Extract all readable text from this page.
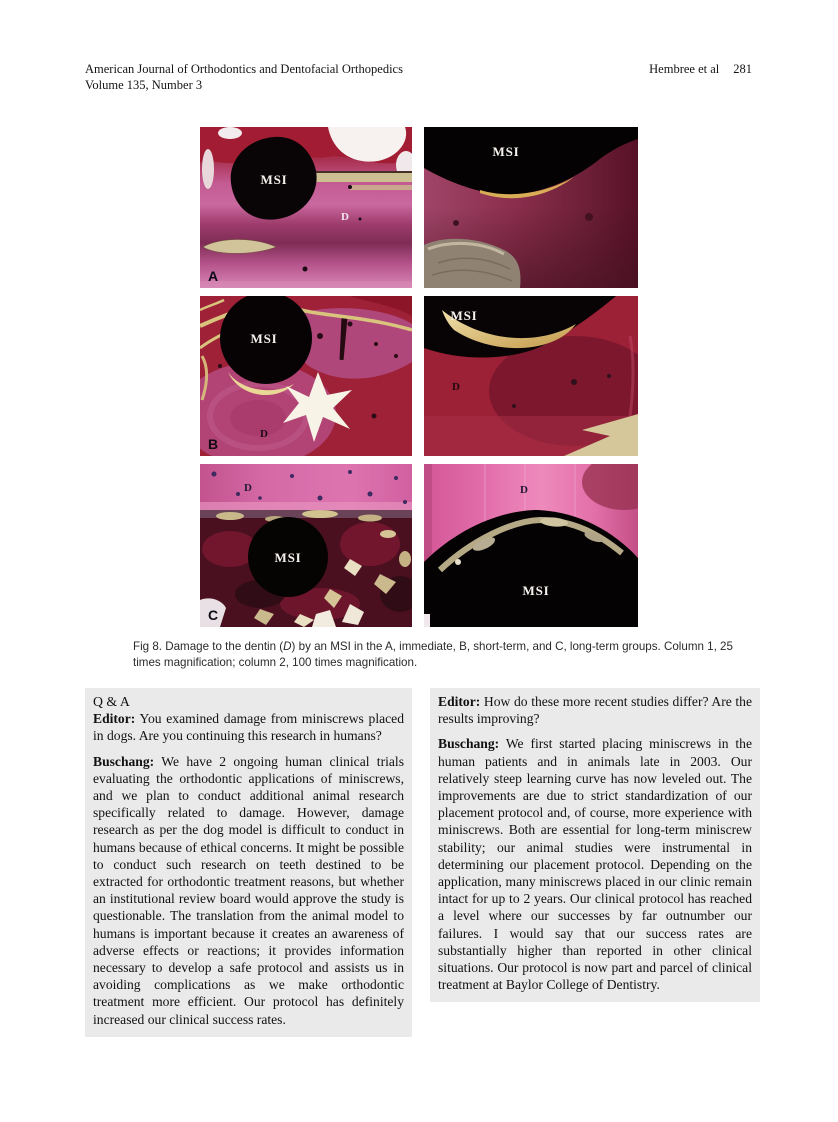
American Journal of Orthodontics and Dentofacial Orthopedics
Volume 135, Number 3
Hembree et al 281
MSI
D
A
MSI
MSI
D
B
MSI
D
D
MSI
C
D
MSI
Fig 8. Damage to the dentin (D) by an MSI in the A, immediate, B, short-term, and C, long-term groups. Column 1, 25 times magnification; column 2, 100 times magnification.
Q & A

Editor: You examined damage from miniscrews placed in dogs. Are you continuing this research in humans?

Buschang: We have 2 ongoing human clinical trials evaluating the orthodontic applications of miniscrews, and we plan to conduct additional animal research specifically related to damage. However, damage research as per the dog model is difficult to conduct in humans because of ethical concerns. It might be possible to conduct such research on teeth destined to be extracted for orthodontic treatment reasons, but whether an institutional review board would approve the study is questionable. The translation from the animal model to humans is important because it creates an awareness of adverse effects or reactions; it provides information necessary to develop a safe protocol and assists us in avoiding complications as we make orthodontic treatment more efficient. Our protocol has definitely increased our clinical success rates.

Editor: How do these more recent studies differ? Are the results improving?

Buschang: We first started placing miniscrews in the human patients and in animals late in 2003. Our relatively steep learning curve has now leveled out. The improvements are due to strict standardization of our placement protocol and, of course, more experience with miniscrews. Both are essential for long-term miniscrew stability; our animal studies were instrumental in determining our placement protocol. Depending on the application, many miniscrews placed in our clinic remain intact for up to 2 years. Our clinical protocol has reached a level where our successes by far outnumber our failures. I would say that our success rates are substantially higher than reported in other clinical situations. Our protocol is now part and parcel of clinical treatment at Baylor College of Dentistry.
